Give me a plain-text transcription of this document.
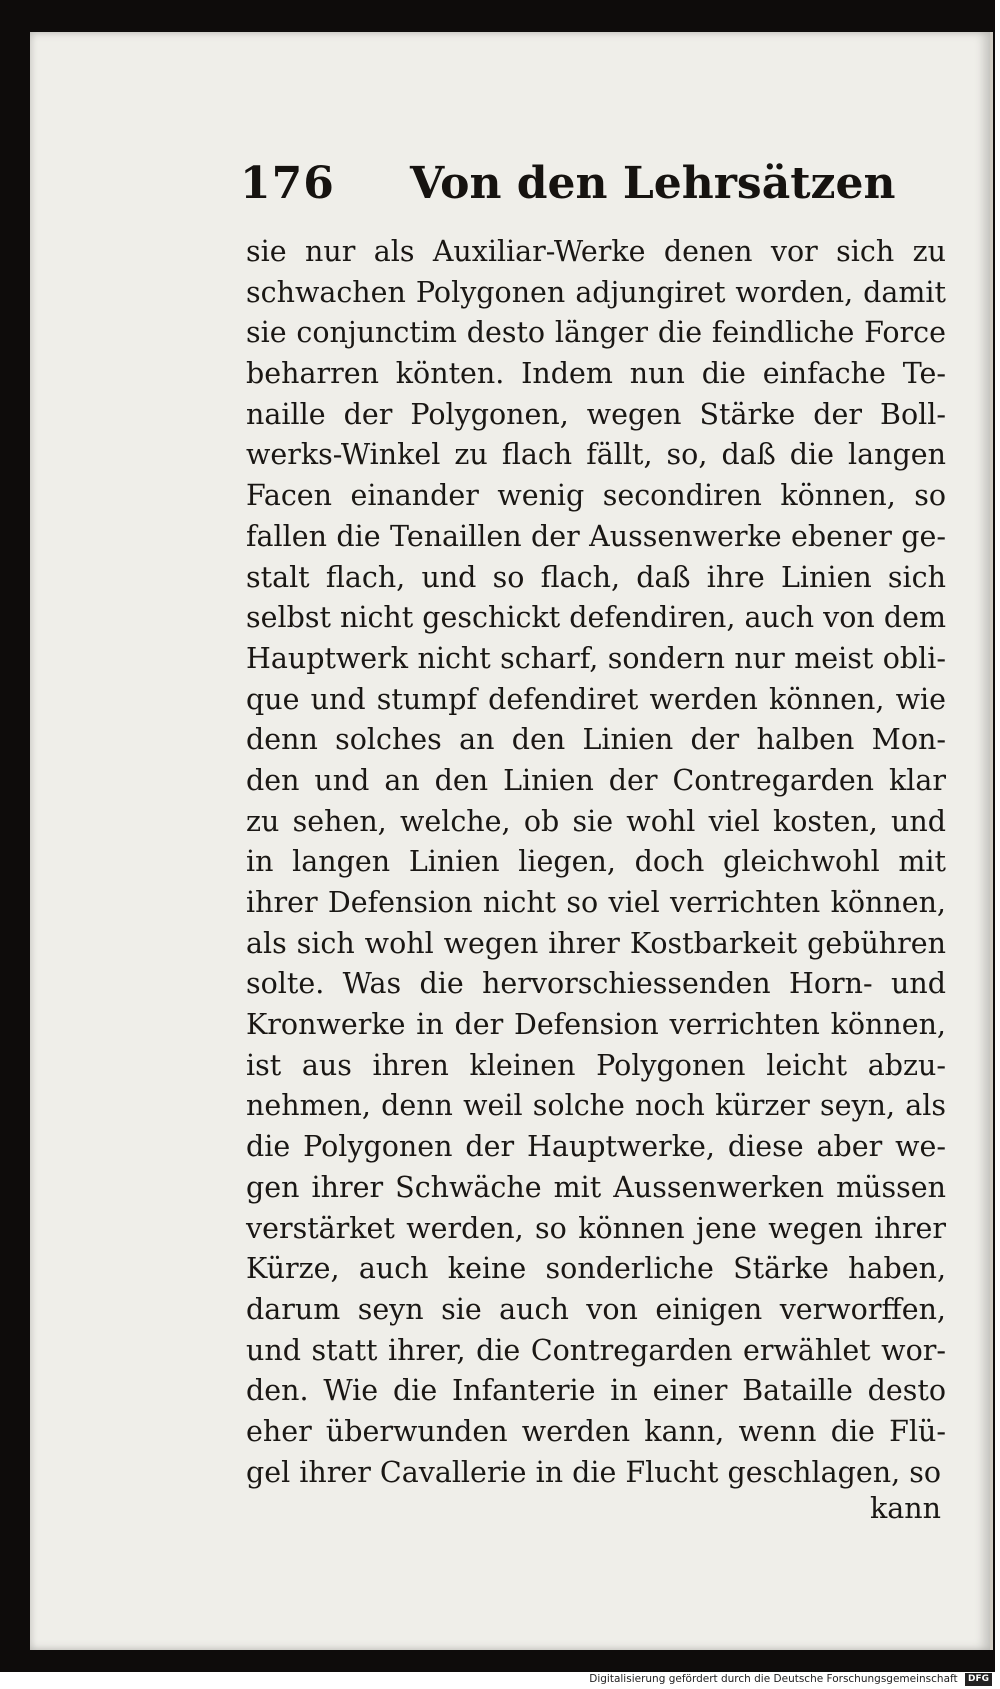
176 Von den Lehrsätzen
sie nur als Auxiliar-Werke denen vor sich zu
schwachen Polygonen adjungiret worden, damit
sie conjunctim desto länger die feindliche Force
beharren könten. Indem nun die einfache Te-
naille der Polygonen, wegen Stärke der Boll-
werks-Winkel zu flach fällt, so, daß die langen
Facen einander wenig secondiren können, so
fallen die Tenaillen der Aussenwerke ebener ge-
stalt flach, und so flach, daß ihre Linien sich
selbst nicht geschickt defendiren, auch von dem
Hauptwerk nicht scharf, sondern nur meist obli-
que und stumpf defendiret werden können, wie
denn solches an den Linien der halben Mon-
den und an den Linien der Contregarden klar
zu sehen, welche, ob sie wohl viel kosten, und
in langen Linien liegen, doch gleichwohl mit
ihrer Defension nicht so viel verrichten können,
als sich wohl wegen ihrer Kostbarkeit gebühren
solte. Was die hervorschiessenden Horn- und
Kronwerke in der Defension verrichten können,
ist aus ihren kleinen Polygonen leicht abzu-
nehmen, denn weil solche noch kürzer seyn, als
die Polygonen der Hauptwerke, diese aber we-
gen ihrer Schwäche mit Aussenwerken müssen
verstärket werden, so können jene wegen ihrer
Kürze, auch keine sonderliche Stärke haben,
darum seyn sie auch von einigen verworffen,
und statt ihrer, die Contregarden erwählet wor-
den. Wie die Infanterie in einer Bataille desto
eher überwunden werden kann, wenn die Flü-
gel ihrer Cavallerie in die Flucht geschlagen, so
kann
Digitalisierung gefördert durch die Deutsche Forschungsgemeinschaft DFG
